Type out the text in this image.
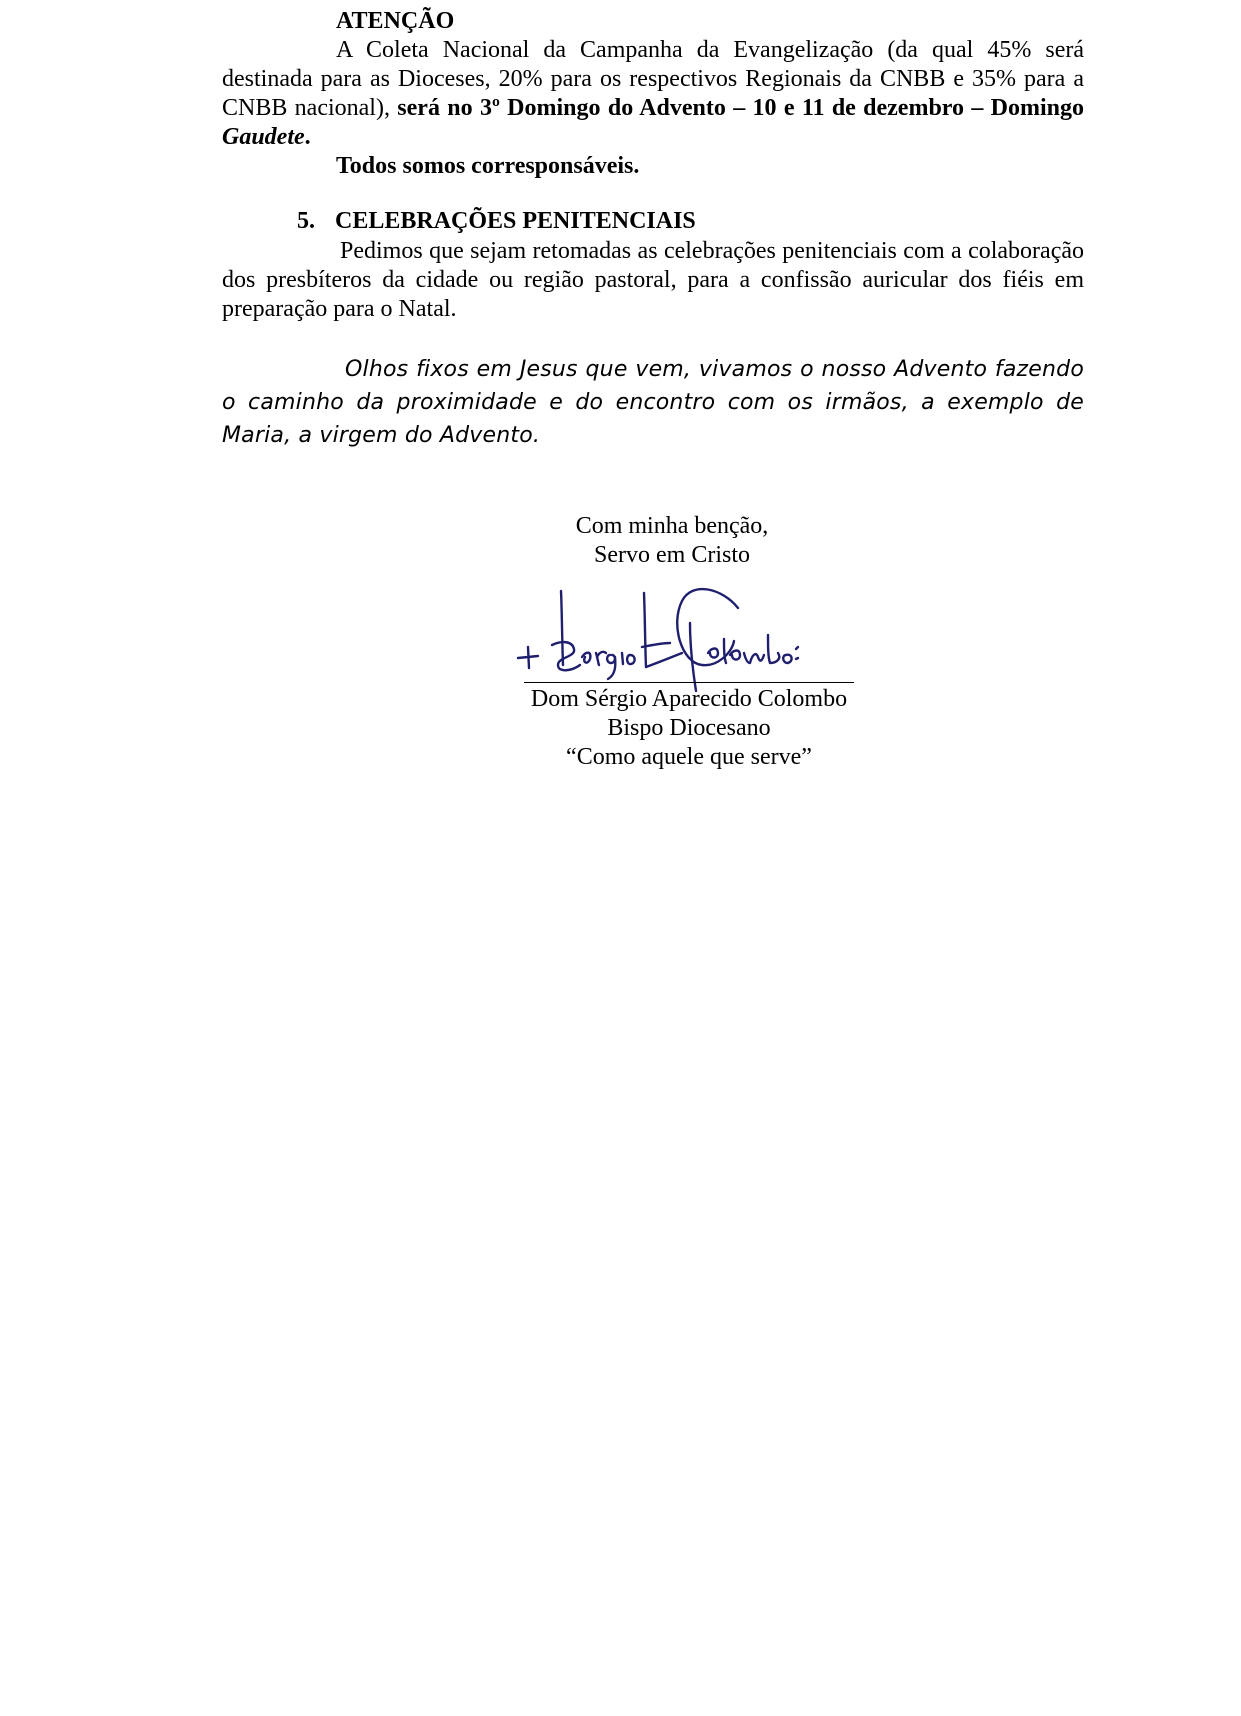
ATENÇÃO
A Coleta Nacional da Campanha da Evangelização (da qual 45% será destinada para as Dioceses, 20% para os respectivos Regionais da CNBB e 35% para a CNBB nacional), será no 3º Domingo do Advento – 10 e 11 de dezembro – Domingo Gaudete.
Todos somos corresponsáveis.
5. CELEBRAÇÕES PENITENCIAIS
Pedimos que sejam retomadas as celebrações penitenciais com a colaboração dos presbíteros da cidade ou região pastoral, para a confissão auricular dos fiéis em preparação para o Natal.
Olhos fixos em Jesus que vem, vivamos o nosso Advento fazendo o caminho da proximidade e do encontro com os irmãos, a exemplo de Maria, a virgem do Advento.
Com minha benção,
Servo em Cristo
Dom Sérgio Aparecido Colombo
Bispo Diocesano
“Como aquele que serve”
